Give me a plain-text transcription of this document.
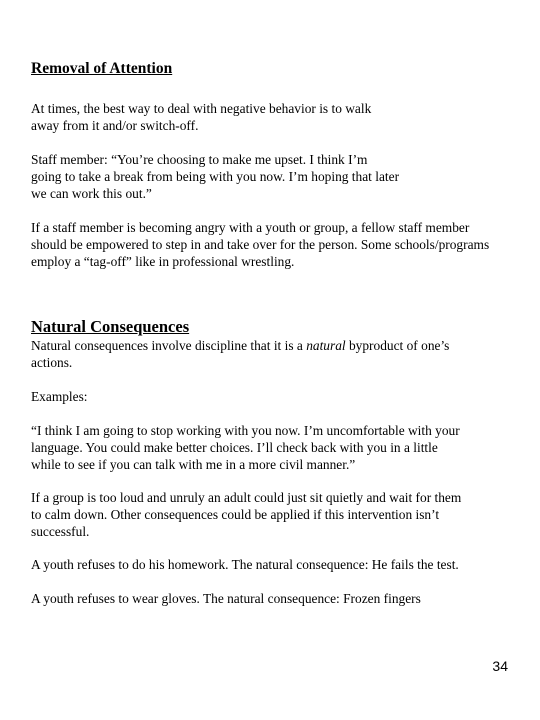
Removal of Attention

At times, the best way to deal with negative behavior is to walk
away from it and/or switch-off.

Staff member: “You’re choosing to make me upset. I think I’m
going to take a break from being with you now. I’m hoping that later
we can work this out.”

If a staff member is becoming angry with a youth or group, a fellow staff member
should be empowered to step in and take over for the person. Some schools/programs
employ a “tag-off” like in professional wrestling.

Natural Consequences

Natural consequences involve discipline that it is a natural byproduct of one’s
actions.

Examples:

“I think I am going to stop working with you now. I’m uncomfortable with your
language. You could make better choices. I’ll check back with you in a little
while to see if you can talk with me in a more civil manner.”

If a group is too loud and unruly an adult could just sit quietly and wait for them
to calm down. Other consequences could be applied if this intervention isn’t
successful.

A youth refuses to do his homework. The natural consequence: He fails the test.

A youth refuses to wear gloves. The natural consequence: Frozen fingers

34
